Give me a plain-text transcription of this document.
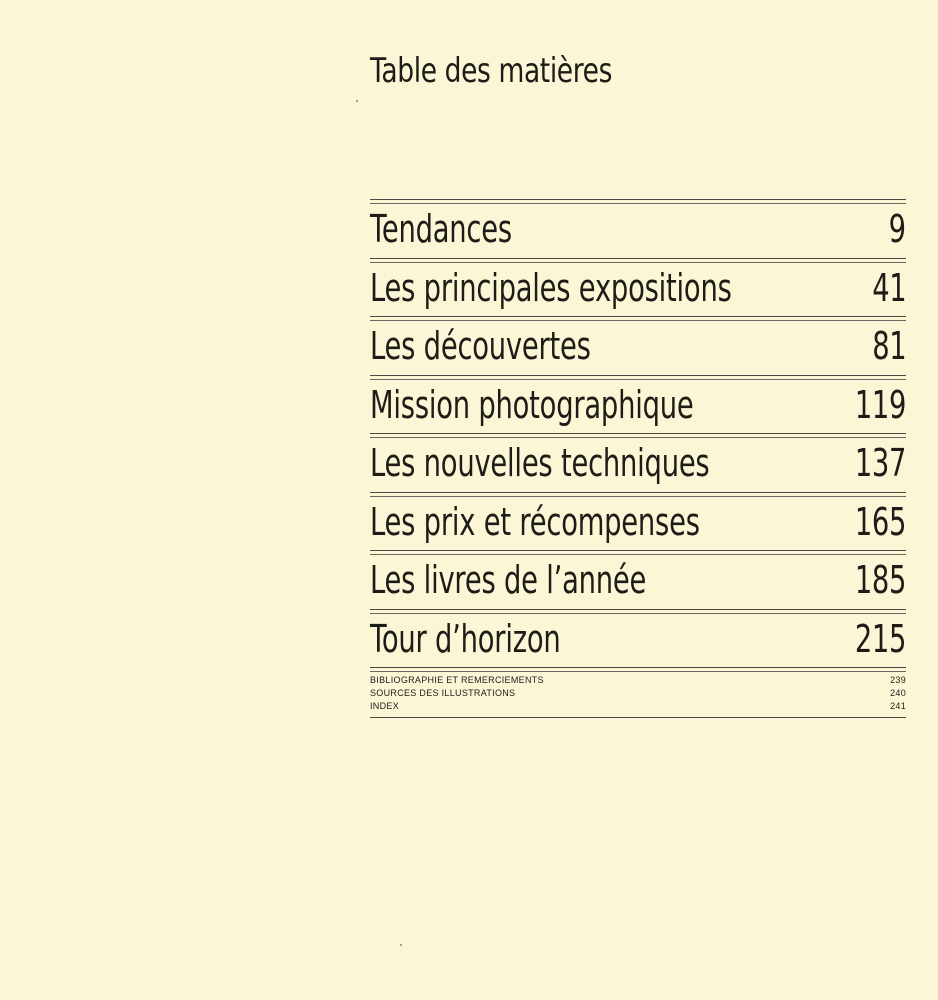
Table des matières
Tendances	9
Les principales expositions	41
Les découvertes	81
Mission photographique	119
Les nouvelles techniques	137
Les prix et récompenses	165
Les livres de l’année	185
Tour d’horizon	215
BIBLIOGRAPHIE ET REMERCIEMENTS	239
SOURCES DES ILLUSTRATIONS	240
INDEX	241
